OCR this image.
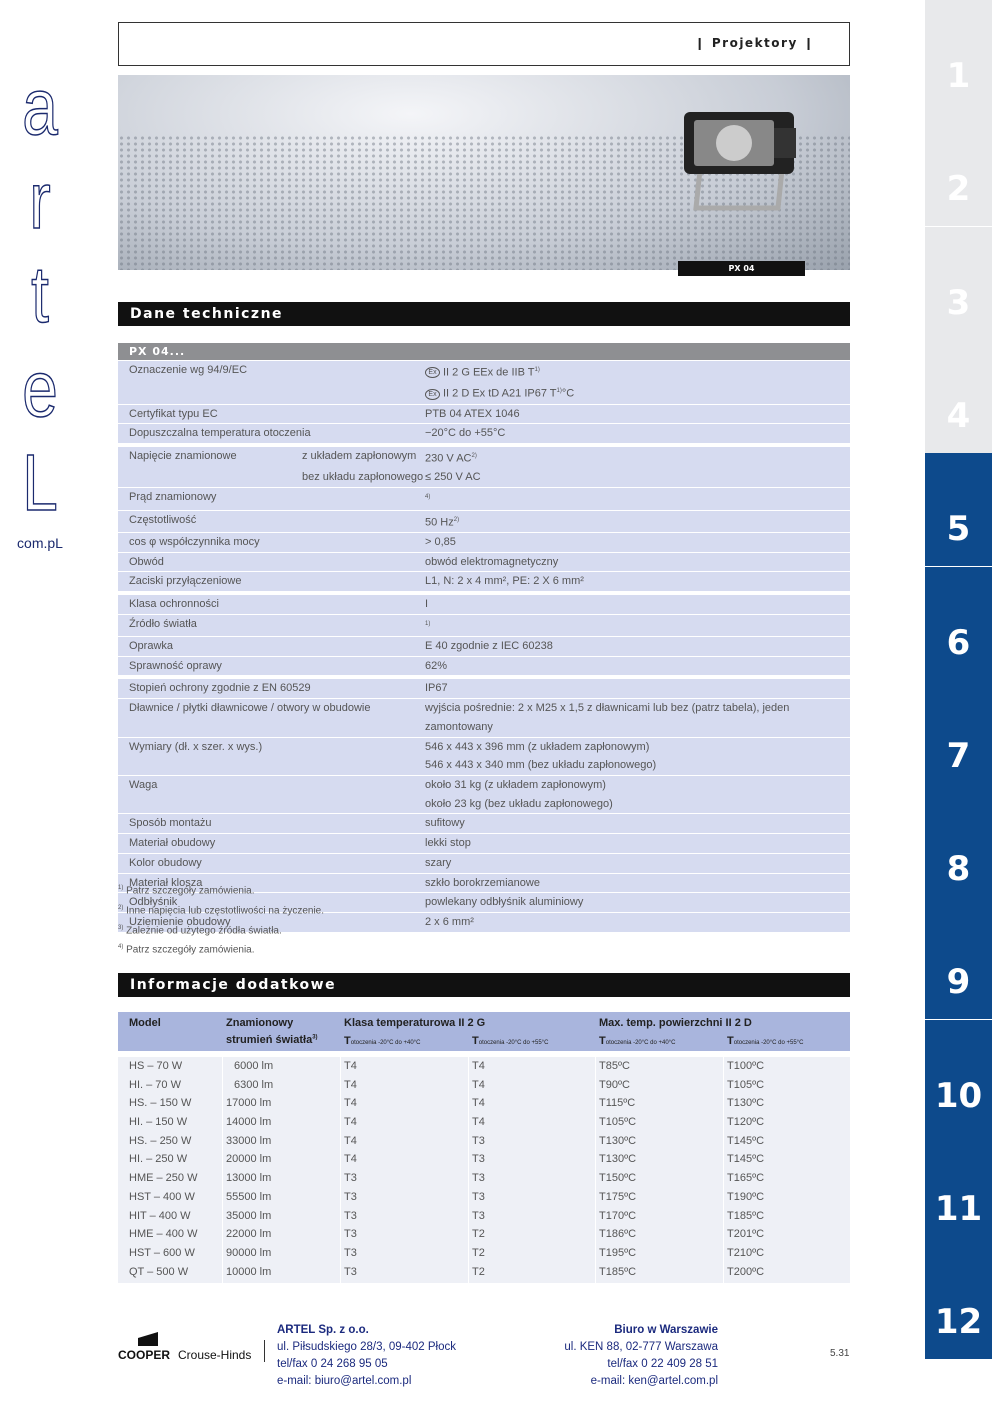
a
r
t
e
L
com.pL
1
2
3
4
5
6
7
8
9
10
11
12
❙ Projektory ❙
PX 04
Dane techniczne
PX 04...
Oznaczenie wg 94/9/EC	Ex II 2 G EEx de IIB $T^{1)}$
Ex II 2 D Ex tD A21 IP67 $T^{1)}^\circ C$
Certyfikat typu EC	PTB 04 ATEX 1046
Dopuszczalna temperatura otoczenia	−20°C do +55°C
Napięcie znamionowe	z układem zapłonowym 230 V AC$^{2)}$
bez układu zapłonowego ≤ 250 V AC
Prąd znamionowy	$^{4)}$
Częstotliwość	50 Hz$^{2)}$
cos φ współczynnika mocy	> 0,85
Obwód	obwód elektromagnetyczny
Zaciski przyłączeniowe	L1, N: 2 x 4 mm², PE: 2 X 6 mm²
Klasa ochronności	I
Źródło światła	$^{1)}$
Oprawka	E 40 zgodnie z IEC 60238
Sprawność oprawy	62%
Stopień ochrony zgodnie z EN 60529	IP67
Dławnice / płytki dławnicowe / otwory w obudowie	wyjścia pośrednie: 2 x M25 x 1,5 z dławnicami lub bez (patrz tabela), jeden zamontowany
Wymiary (dł. x szer. x wys.)	546 x 443 x 396 mm (z układem zapłonowym)
546 x 443 x 340 mm (bez układu zapłonowego)
Waga	około 31 kg (z układem zapłonowym)
około 23 kg (bez układu zapłonowego)
Sposób montażu	sufitowy
Materiał obudowy	lekki stop
Kolor obudowy	szary
Materiał klosza	szkło borokrzemianowe
Odbłyśnik	powlekany odbłyśnik aluminiowy
Uziemienie obudowy	2 x 6 mm²
$^{1)}$ Patrz szczegóły zamówienia.
$^{2)}$ Inne napięcia lub częstotliwości na życzenie.
$^{3)}$ Zależnie od użytego źródła światła.
$^{4)}$ Patrz szczegóły zamówienia.
Informacje dodatkowe
Model	Znamionowy
strumień światła$^{3)}$
Klasa temperaturowa II 2 G	Max. temp. powierzchni II 2 D
Totoczenia -20°C do +40°C	Totoczenia -20°C do +55°C	Totoczenia -20°C do +40°C	Totoczenia -20°C do +55°C
HS – 70 W	6000 lm	T4	T4	T85ºC	T100ºC
HI. – 70 W	6300 lm	T4	T4	T90ºC	T105ºC
HS. – 150 W	17000 lm	T4	T4	T115ºC	T130ºC
HI. – 150 W	14000 lm	T4	T4	T105ºC	T120ºC
HS. – 250 W	33000 lm	T4	T3	T130ºC	T145ºC
HI. – 250 W	20000 lm	T4	T3	T130ºC	T145ºC
HME – 250 W	13000 lm	T3	T3	T150ºC	T165ºC
HST – 400 W	55500 lm	T3	T3	T175ºC	T190ºC
HIT – 400 W	35000 lm	T3	T3	T170ºC	T185ºC
HME – 400 W	22000 lm	T3	T2	T186ºC	T201ºC
HST – 600 W	90000 lm	T3	T2	T195ºC	T210ºC
QT – 500 W	10000 lm	T3	T2	T185ºC	T200ºC
COOPER Crouse-Hinds
ARTEL Sp. z o.o.
ul. Piłsudskiego 28/3, 09-402 Płock
tel/fax 0 24 268 95 05
e-mail: biuro@artel.com.pl
Biuro w Warszawie
ul. KEN 88, 02-777 Warszawa
tel/fax 0 22 409 28 51
e-mail: ken@artel.com.pl
5.31
